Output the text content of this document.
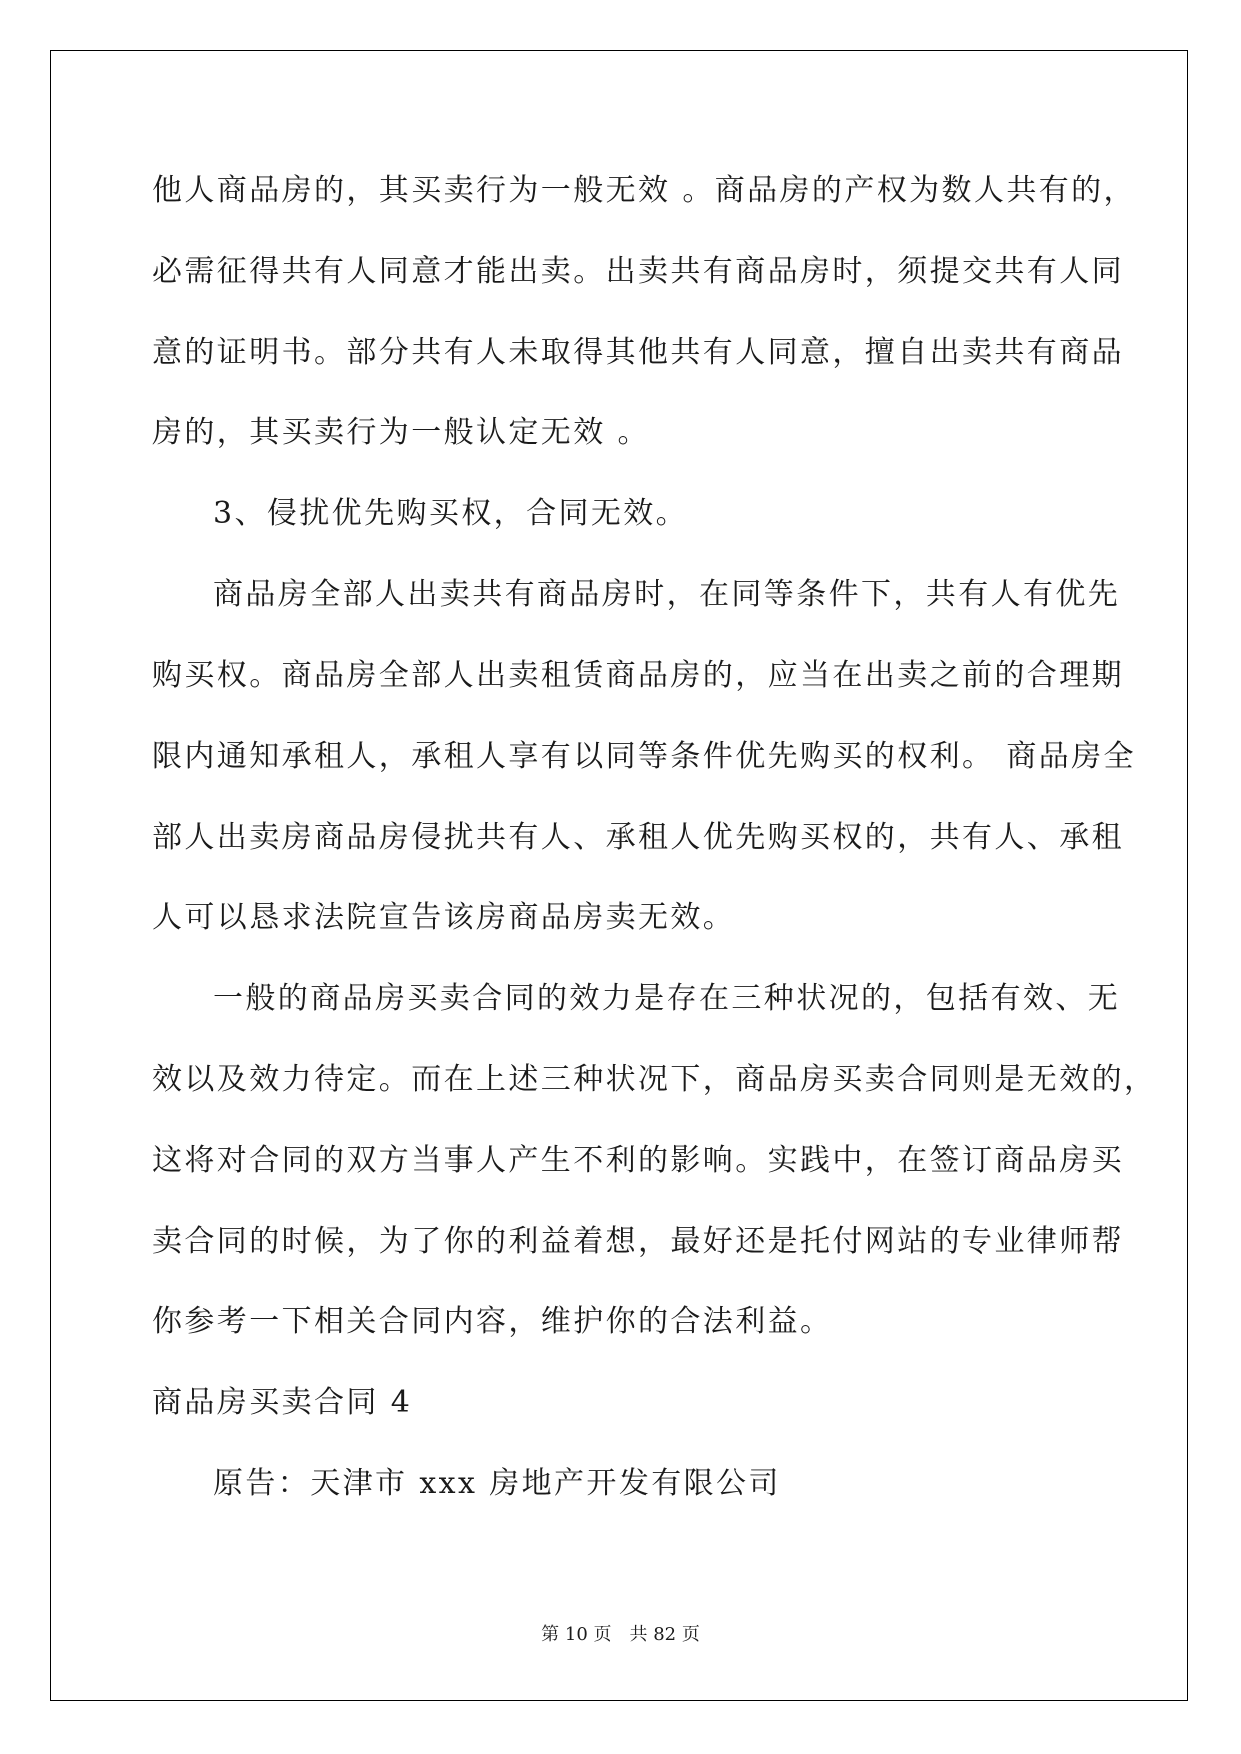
他人商品房的，其买卖行为一般无效 。商品房的产权为数人共有的，
必需征得共有人同意才能出卖。出卖共有商品房时，须提交共有人同
意的证明书。部分共有人未取得其他共有人同意，擅自出卖共有商品
房的，其买卖行为一般认定无效 。
3、侵扰优先购买权，合同无效。
商品房全部人出卖共有商品房时，在同等条件下，共有人有优先
购买权。商品房全部人出卖租赁商品房的，应当在出卖之前的合理期
限内通知承租人，承租人享有以同等条件优先购买的权利。 商品房全
部人出卖房商品房侵扰共有人、承租人优先购买权的，共有人、承租
人可以恳求法院宣告该房商品房卖无效。
一般的商品房买卖合同的效力是存在三种状况的，包括有效、无
效以及效力待定。而在上述三种状况下，商品房买卖合同则是无效的，
这将对合同的双方当事人产生不利的影响。实践中，在签订商品房买
卖合同的时候，为了你的利益着想，最好还是托付网站的专业律师帮
你参考一下相关合同内容，维护你的合法利益。
商品房买卖合同 4
原告：天津市 xxx 房地产开发有限公司
第 10 页　共 82 页
